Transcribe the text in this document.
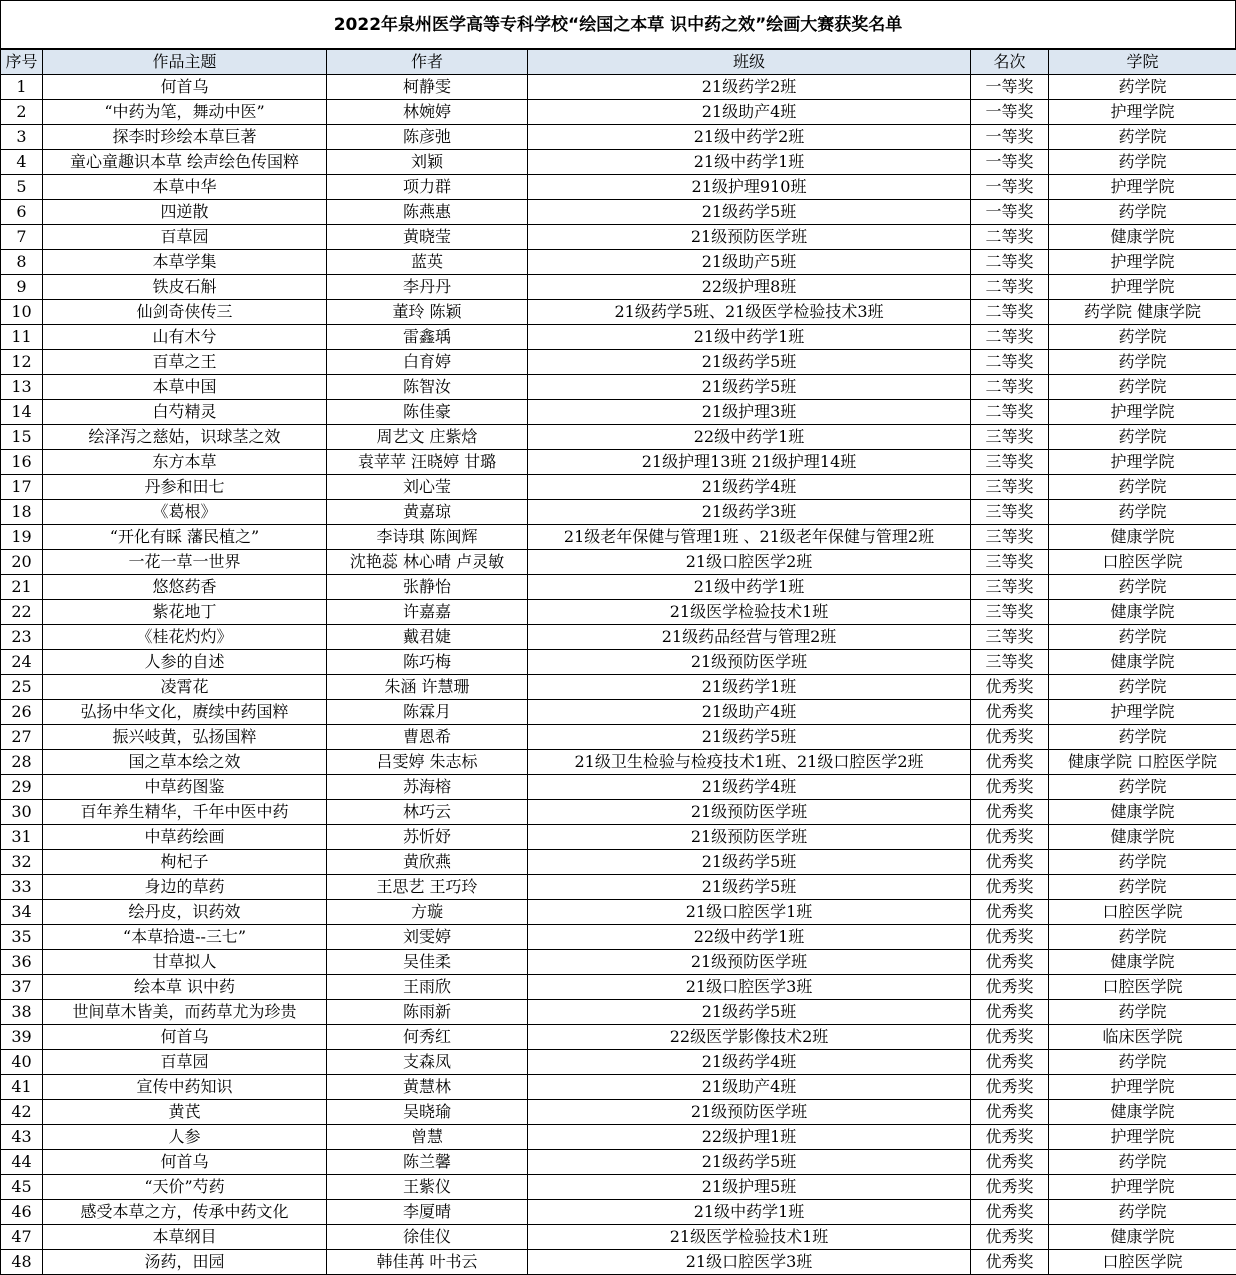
2022年泉州医学高等专科学校“绘国之本草 识中药之效”绘画大赛获奖名单
序号	作品主题	作者	班级	名次	学院
1	何首乌	柯静雯	21级药学2班	一等奖	药学院
2	“中药为笔，舞动中医”	林婉婷	21级助产4班	一等奖	护理学院
3	探李时珍绘本草巨著	陈彦弛	21级中药学2班	一等奖	药学院
4	童心童趣识本草 绘声绘色传国粹	刘颖	21级中药学1班	一等奖	药学院
5	本草中华	项力群	21级护理910班	一等奖	护理学院
6	四逆散	陈燕惠	21级药学5班	一等奖	药学院
7	百草园	黄晓莹	21级预防医学班	二等奖	健康学院
8	本草学集	蓝英	21级助产5班	二等奖	护理学院
9	铁皮石斛	李丹丹	22级护理8班	二等奖	护理学院
10	仙剑奇侠传三	董玲 陈颖	21级药学5班、21级医学检验技术3班	二等奖	药学院 健康学院
11	山有木兮	雷鑫瑀	21级中药学1班	二等奖	药学院
12	百草之王	白育婷	21级药学5班	二等奖	药学院
13	本草中国	陈智汝	21级药学5班	二等奖	药学院
14	白芍精灵	陈佳豪	21级护理3班	二等奖	护理学院
15	绘泽泻之慈姑，识球茎之效	周艺文 庄紫焓	22级中药学1班	三等奖	药学院
16	东方本草	袁苹苹 汪晓婷 甘璐	21级护理13班 21级护理14班	三等奖	护理学院
17	丹参和田七	刘心莹	21级药学4班	三等奖	药学院
18	《葛根》	黄嘉琼	21级药学3班	三等奖	药学院
19	“开化有睬 藩民植之”	李诗琪 陈闽辉	21级老年保健与管理1班 、21级老年保健与管理2班	三等奖	健康学院
20	一花一草一世界	沈艳蕊 林心晴 卢灵敏	21级口腔医学2班	三等奖	口腔医学院
21	悠悠药香	张静怡	21级中药学1班	三等奖	药学院
22	紫花地丁	许嘉嘉	21级医学检验技术1班	三等奖	健康学院
23	《桂花灼灼》	戴君婕	21级药品经营与管理2班	三等奖	药学院
24	人参的自述	陈巧梅	21级预防医学班	三等奖	健康学院
25	凌霄花	朱涵 许慧珊	21级药学1班	优秀奖	药学院
26	弘扬中华文化，赓续中药国粹	陈霖月	21级助产4班	优秀奖	护理学院
27	振兴岐黄，弘扬国粹	曹恩希	21级药学5班	优秀奖	药学院
28	国之草本绘之效	吕雯婷 朱志标	21级卫生检验与检疫技术1班、21级口腔医学2班	优秀奖	健康学院 口腔医学院
29	中草药图鉴	苏海榕	21级药学4班	优秀奖	药学院
30	百年养生精华，千年中医中药	林巧云	21级预防医学班	优秀奖	健康学院
31	中草药绘画	苏忻妤	21级预防医学班	优秀奖	健康学院
32	枸杞子	黄欣燕	21级药学5班	优秀奖	药学院
33	身边的草药	王思艺 王巧玲	21级药学5班	优秀奖	药学院
34	绘丹皮，识药效	方璇	21级口腔医学1班	优秀奖	口腔医学院
35	“本草拾遗--三七”	刘雯婷	22级中药学1班	优秀奖	药学院
36	甘草拟人	吴佳柔	21级预防医学班	优秀奖	健康学院
37	绘本草 识中药	王雨欣	21级口腔医学3班	优秀奖	口腔医学院
38	世间草木皆美，而药草尤为珍贵	陈雨新	21级药学5班	优秀奖	药学院
39	何首乌	何秀红	22级医学影像技术2班	优秀奖	临床医学院
40	百草园	支森凤	21级药学4班	优秀奖	药学院
41	宣传中药知识	黄慧林	21级助产4班	优秀奖	护理学院
42	黄芪	吴晓瑜	21级预防医学班	优秀奖	健康学院
43	人参	曾慧	22级护理1班	优秀奖	护理学院
44	何首乌	陈兰馨	21级药学5班	优秀奖	药学院
45	“天价”芍药	王紫仪	21级护理5班	优秀奖	护理学院
46	感受本草之方，传承中药文化	李厦晴	21级中药学1班	优秀奖	药学院
47	本草纲目	徐佳仪	21级医学检验技术1班	优秀奖	健康学院
48	汤药，田园	韩佳苒 叶书云	21级口腔医学3班	优秀奖	口腔医学院
